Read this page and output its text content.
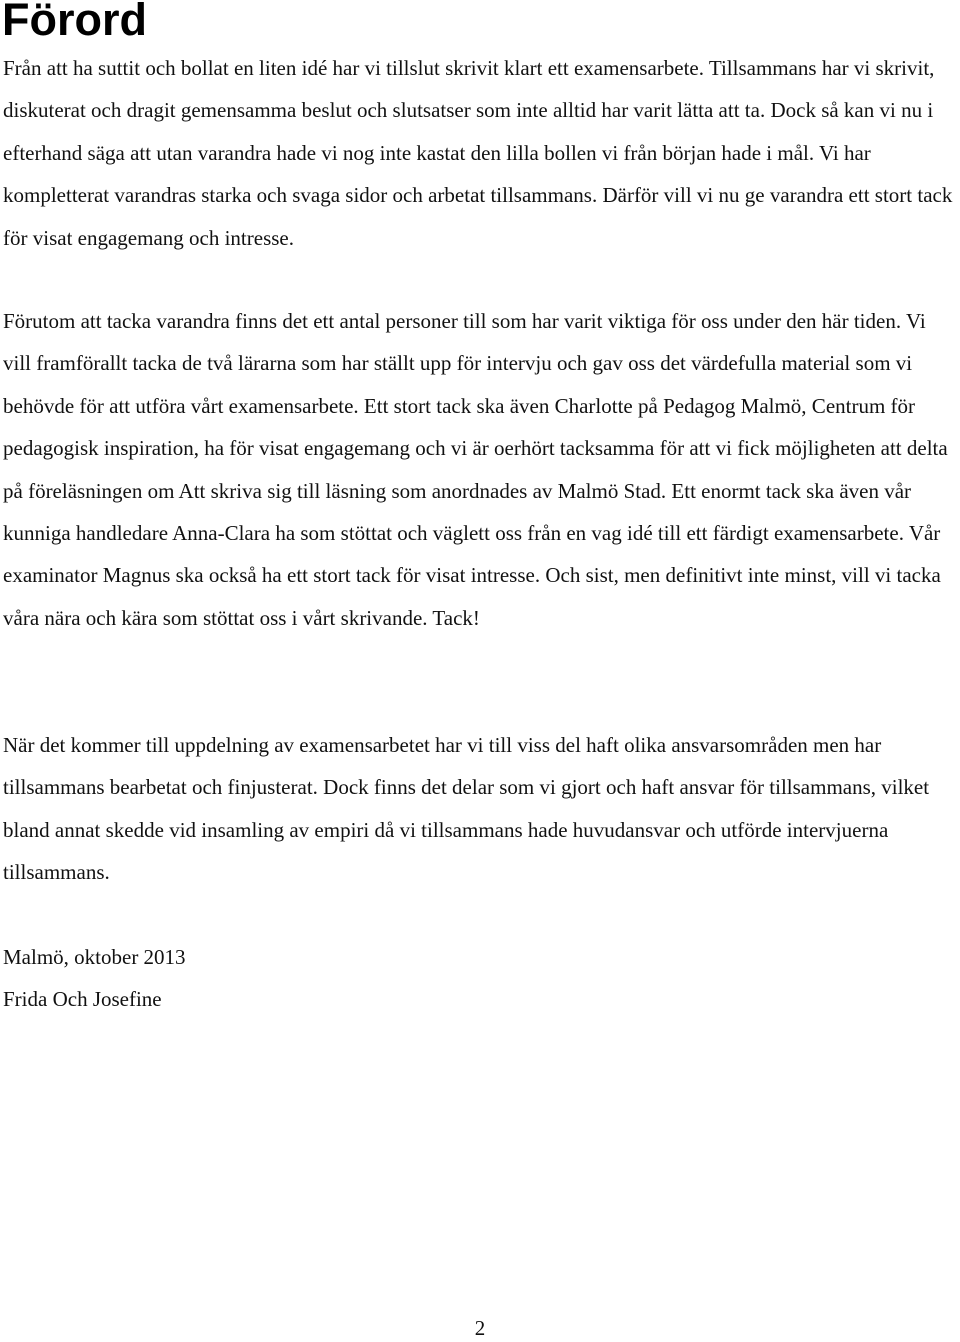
Förord

Från att ha suttit och bollat en liten idé har vi tillslut skrivit klart ett examensarbete. Tillsammans har vi skrivit, diskuterat och dragit gemensamma beslut och slutsatser som inte alltid har varit lätta att ta. Dock så kan vi nu i efterhand säga att utan varandra hade vi nog inte kastat den lilla bollen vi från början hade i mål. Vi har kompletterat varandras starka och svaga sidor och arbetat tillsammans. Därför vill vi nu ge varandra ett stort tack för visat engagemang och intresse.

Förutom att tacka varandra finns det ett antal personer till som har varit viktiga för oss under den här tiden. Vi vill framförallt tacka de två lärarna som har ställt upp för intervju och gav oss det värdefulla material som vi behövde för att utföra vårt examensarbete. Ett stort tack ska även Charlotte på Pedagog Malmö, Centrum för pedagogisk inspiration, ha för visat engagemang och vi är oerhört tacksamma för att vi fick möjligheten att delta på föreläsningen om Att skriva sig till läsning som anordnades av Malmö Stad. Ett enormt tack ska även vår kunniga handledare Anna-Clara ha som stöttat och väglett oss från en vag idé till ett färdigt examensarbete. Vår examinator Magnus ska också ha ett stort tack för visat intresse. Och sist, men definitivt inte minst, vill vi tacka våra nära och kära som stöttat oss i vårt skrivande. Tack!

När det kommer till uppdelning av examensarbetet har vi till viss del haft olika ansvarsområden men har tillsammans bearbetat och finjusterat. Dock finns det delar som vi gjort och haft ansvar för tillsammans, vilket bland annat skedde vid insamling av empiri då vi tillsammans hade huvudansvar och utförde intervjuerna tillsammans.

Malmö, oktober 2013

Frida Och Josefine

2
